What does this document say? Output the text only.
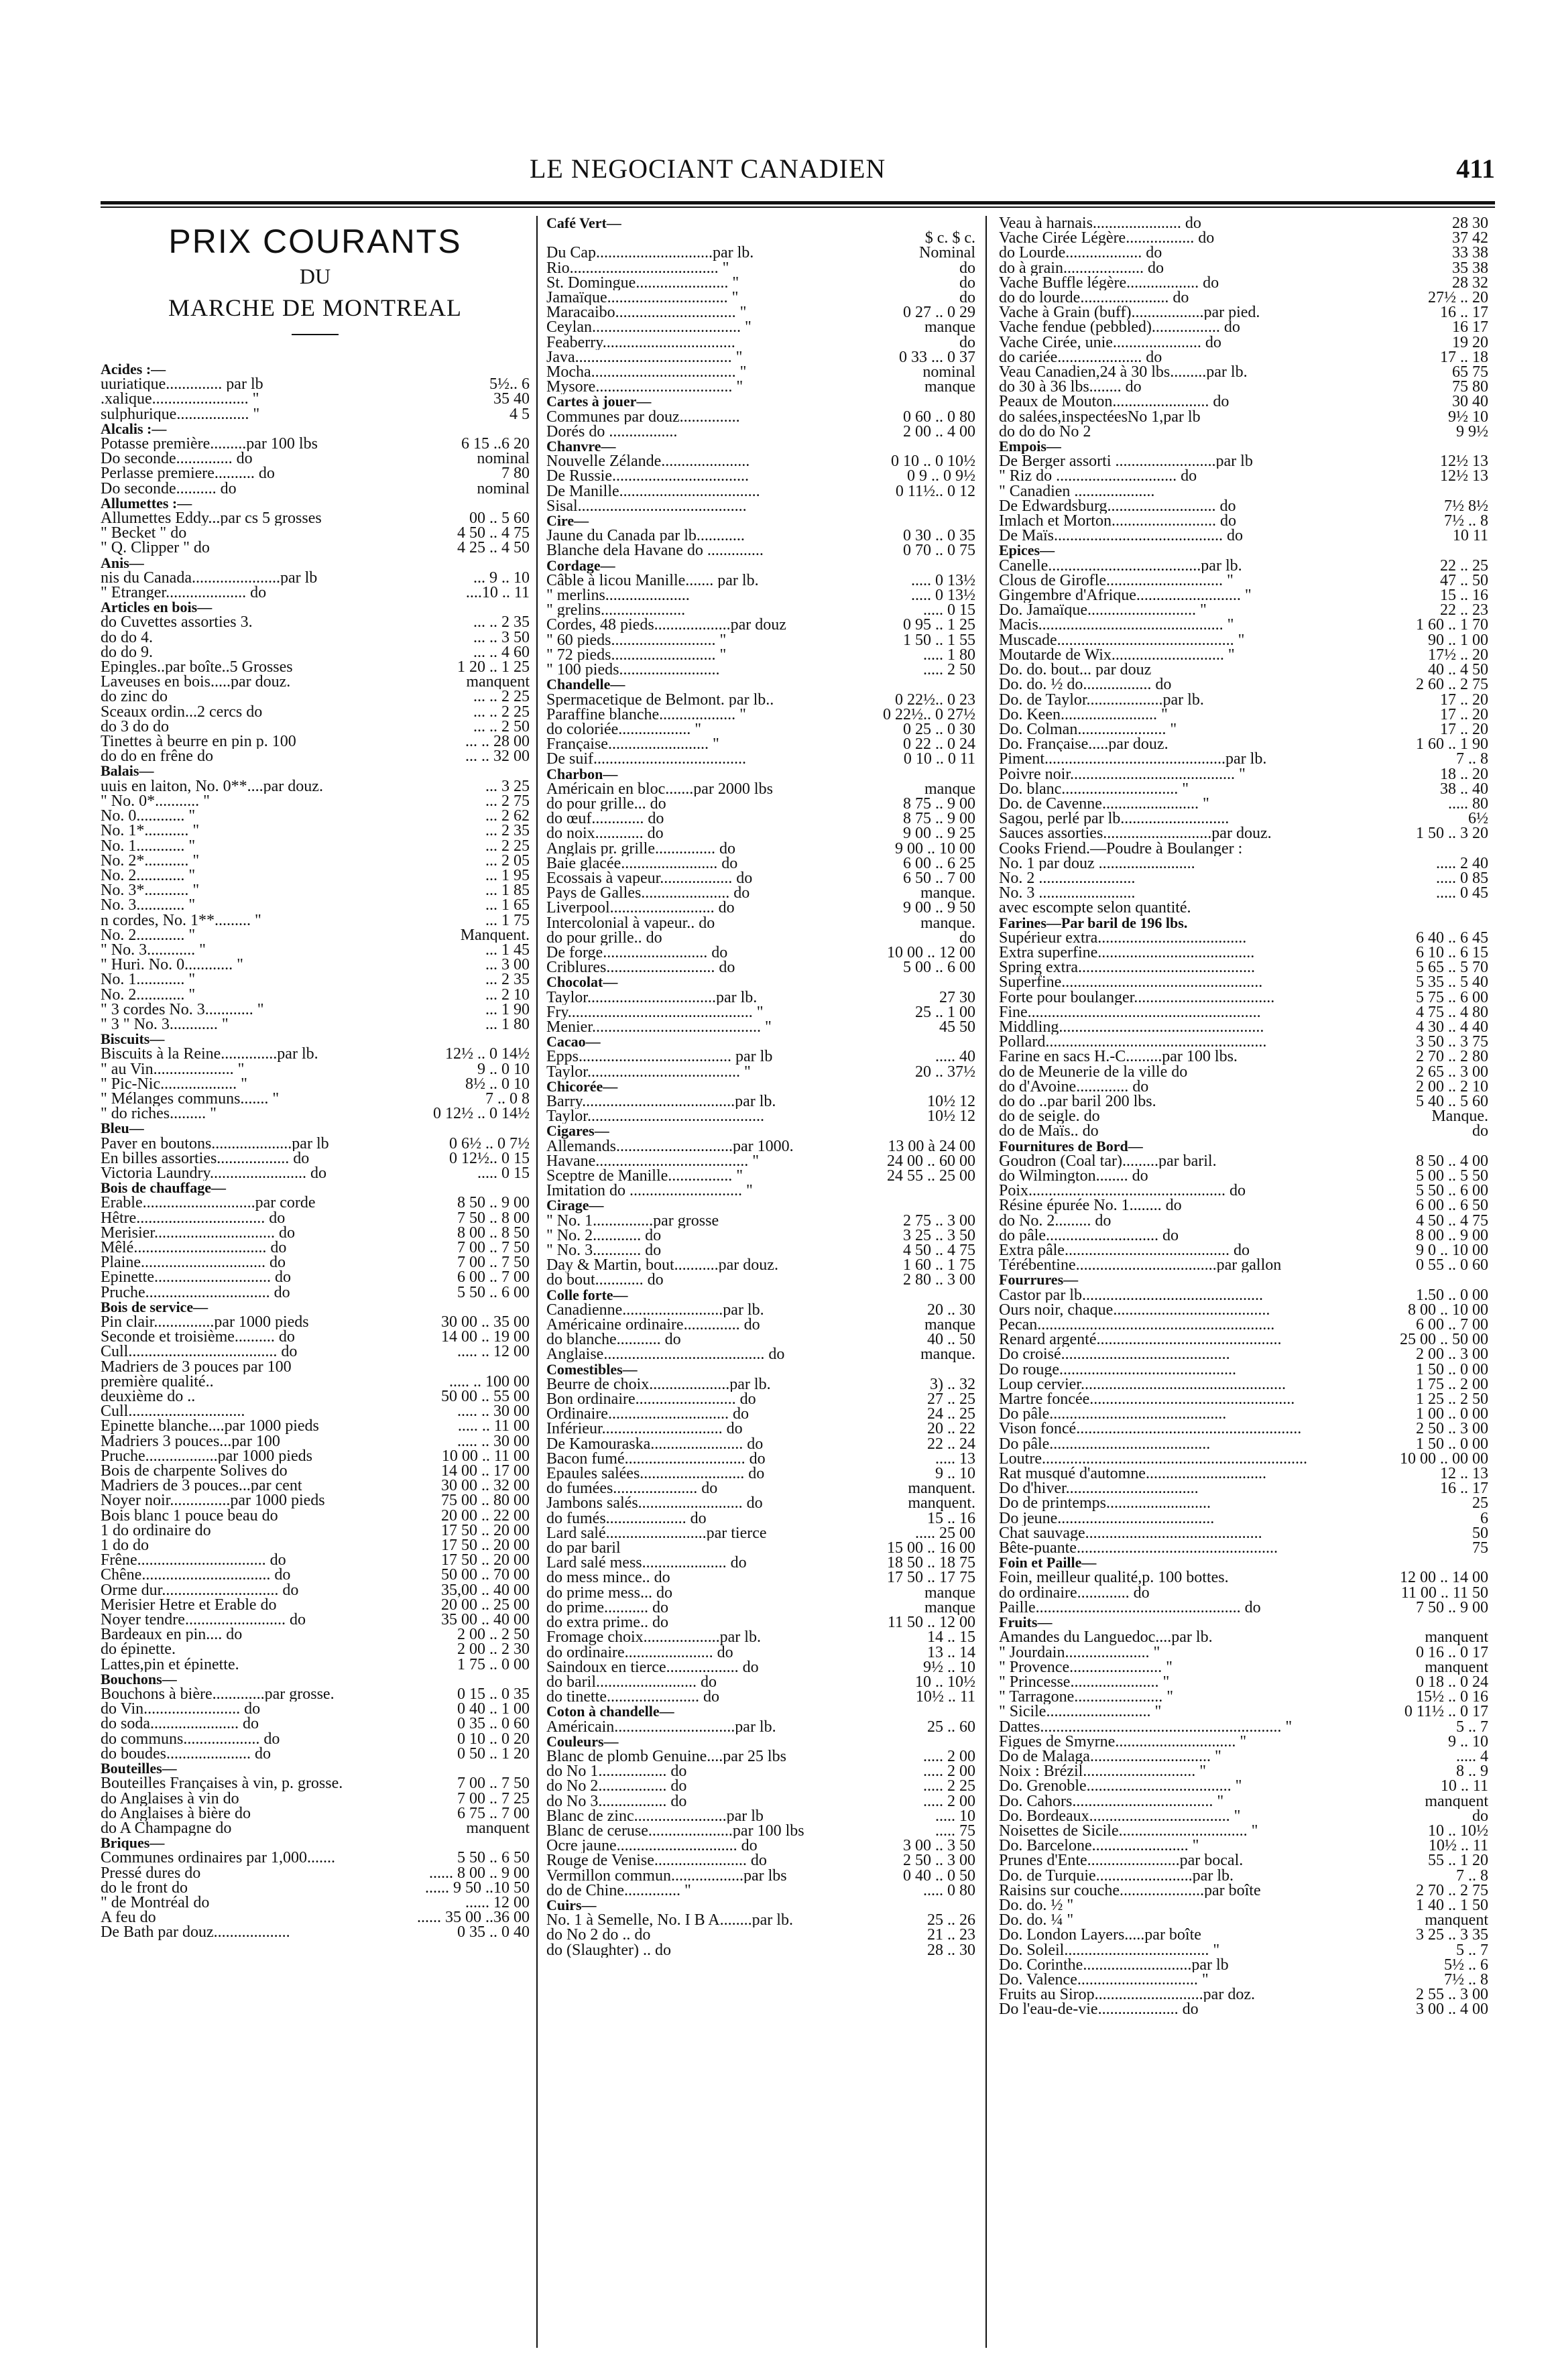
LE NEGOCIANT CANADIEN	411
PRIX COURANTS
DU
MARCHE DE MONTREAL
Acides :—
uuriatique.............. par lb	5½.. 6
.xalique........................ "	35 40
sulphurique.................. "	4 5
Alcalis :—
Potasse première.........par 100 lbs	6 15 ..6 20
Do seconde.............. do	nominal
Perlasse premiere.......... do	7 80
Do seconde.......... do	nominal
Allumettes :—
Allumettes Eddy...par cs 5 grosses	00 .. 5 60
" Becket " do	4 50 .. 4 75
" Q. Clipper " do	4 25 .. 4 50
Anis—
nis du Canada......................par lb	... 9 .. 10
" Etranger.................... do	....10 .. 11
Articles en bois—
do Cuvettes assorties 3.	... .. 2 35
do do 4.	... .. 3 50
do do 9.	... .. 4 60
Epingles..par boîte..5 Grosses	1 20 .. 1 25
Laveuses en bois.....par douz.	manquent
do zinc do	... .. 2 25
Sceaux ordin...2 cercs do	... .. 2 25
do 3 do do	... .. 2 50
Tinettes à beurre en pin p. 100	... .. 28 00
do do en frêne do	... .. 32 00
Balais—
uuis en laiton, No. 0**....par douz.	... 3 25
" No. 0*........... "	... 2 75
No. 0............ "	... 2 62
No. 1*........... "	... 2 35
No. 1............ "	... 2 25
No. 2*........... "	... 2 05
No. 2............ "	... 1 95
No. 3*........... "	... 1 85
No. 3............ "	... 1 65
n cordes, No. 1**......... "	... 1 75
No. 2............ "	Manquent.
" No. 3............ "	... 1 45
" Huri. No. 0............ "	... 3 00
No. 1............ "	... 2 35
No. 2............ "	... 2 10
" 3 cordes No. 3............ "	... 1 90
" 3 " No. 3............ "	... 1 80
Biscuits—
Biscuits à la Reine..............par lb.	12½ .. 0 14½
" au Vin.................... "	9 .. 0 10
" Pic-Nic................... "	8½ .. 0 10
" Mélanges communs....... "	7 .. 0 8
" do riches......... "	0 12½ .. 0 14½
Bleu—
Paver en boutons....................par lb	0 6½ .. 0 7½
En billes assorties.................. do	0 12½.. 0 15
Victoria Laundry........................ do	..... 0 15
Bois de chauffage—
Erable............................par corde	8 50 .. 9 00
Hêtre................................ do	7 50 .. 8 00
Merisier.............................. do	8 00 .. 8 50
Mêlé................................. do	7 00 .. 7 50
Plaine............................... do	7 00 .. 7 50
Epinette............................. do	6 00 .. 7 00
Pruche............................... do	5 50 .. 6 00
Bois de service—
Pin clair...............par 1000 pieds	30 00 .. 35 00
Seconde et troisième.......... do	14 00 .. 19 00
Cull..................................... do	..... .. 12 00
Madriers de 3 pouces par 100
première qualité..	..... .. 100 00
deuxième do ..	50 00 .. 55 00
Cull.............................	..... .. 30 00
Epinette blanche....par 1000 pieds	..... .. 11 00
Madriers 3 pouces...par 100	..... .. 30 00
Pruche..................par 1000 pieds	10 00 .. 11 00
Bois de charpente Solives do	14 00 .. 17 00
Madriers de 3 pouces...par cent	30 00 .. 32 00
Noyer noir...............par 1000 pieds	75 00 .. 80 00
Bois blanc 1 pouce beau do	20 00 .. 22 00
1 do ordinaire do	17 50 .. 20 00
1 do do	17 50 .. 20 00
Frêne................................ do	17 50 .. 20 00
Chêne................................ do	50 00 .. 70 00
Orme dur............................. do	35,00 .. 40 00
Merisier Hetre et Erable do	20 00 .. 25 00
Noyer tendre......................... do	35 00 .. 40 00
Bardeaux en pin.... do	2 00 .. 2 50
do épinette.	2 00 .. 2 30
Lattes,pin et épinette.	1 75 .. 0 00
Bouchons—
Bouchons à bière.............par grosse.	0 15 .. 0 35
do Vin........................ do	0 40 .. 1 00
do soda...................... do	0 35 .. 0 60
do communs................... do	0 10 .. 0 20
do boudes..................... do	0 50 .. 1 20
Bouteilles—
Bouteilles Françaises à vin, p. grosse.	7 00 .. 7 50
do Anglaises à vin do	7 00 .. 7 25
do Anglaises à bière do	6 75 .. 7 00
do A Champagne do	manquent
Briques—
Communes ordinaires par 1,000.......	5 50 .. 6 50
Pressé dures do	...... 8 00 .. 9 00
do le front do	...... 9 50 ..10 50
" de Montréal do	...... 12 00
A feu do	...... 35 00 ..36 00
De Bath par douz...................	0 35 .. 0 40
Café Vert—
$ c. $ c.
Du Cap.............................par lb.	Nominal
Rio..................................... "	do
St. Domingue....................... "	do
Jamaïque.............................. "	do
Maracaibo.............................. "	0 27 .. 0 29
Ceylan..................................... "	manque
Feaberry.................................	do
Java....................................... "	0 33 ... 0 37
Mocha.................................... "	nominal
Mysore.................................. "	manque
Cartes à jouer—
Communes par douz...............	0 60 .. 0 80
Dorés do .................	2 00 .. 4 00
Chanvre—
Nouvelle Zélande......................	0 10 .. 0 10½
De Russie..................................	0 9 .. 0 9½
De Manille...................................	0 11½.. 0 12
Sisal..........................................
Cire—
Jaune du Canada par lb............	0 30 .. 0 35
Blanche dela Havane do ..............	0 70 .. 0 75
Cordage—
Câble à licou Manille....... par lb.	..... 0 13½
" merlins.....................	..... 0 13½
" grelins.....................	..... 0 15
Cordes, 48 pieds...................par douz	0 95 .. 1 25
" 60 pieds.......................... "	1 50 .. 1 55
" 72 pieds.......................... "	..... 1 80
" 100 pieds.........................	..... 2 50
Chandelle—
Spermacetique de Belmont. par lb..	0 22½.. 0 23
Paraffine blanche................... "	0 22½.. 0 27½
do coloriée.................. "	0 25 .. 0 30
Française......................... "	0 22 .. 0 24
De suif......................................	0 10 .. 0 11
Charbon—
Américain en bloc.......par 2000 lbs	manque
do pour grille... do	8 75 .. 9 00
do œuf............. do	8 75 .. 9 00
do noix............ do	9 00 .. 9 25
Anglais pr. grille............... do	9 00 .. 10 00
Baie glacée........................ do	6 00 .. 6 25
Ecossais à vapeur.................. do	6 50 .. 7 00
Pays de Galles...................... do	manque.
Liverpool.......................... do	9 00 .. 9 50
Intercolonial à vapeur.. do	manque.
do pour grille.. do	do
De forge.......................... do	10 00 .. 12 00
Criblures........................... do	5 00 .. 6 00
Chocolat—
Taylor................................par lb.	27 30
Fry.............................................. "	25 .. 1 00
Menier.......................................... "	45 50
Cacao—
Epps...................................... par lb	..... 40
Taylor...................................... "	20 .. 37½
Chicorée—
Barry......................................par lb.	10½ 12
Taylor............................................	10½ 12
Cigares—
Allemands.............................par 1000.	13 00 à 24 00
Havane...................................... "	24 00 .. 60 00
Sceptre de Manille................ "	24 55 .. 25 00
Imitation do ............................ "
Cirage—
" No. 1...............par grosse	2 75 .. 3 00
" No. 2............ do	3 25 .. 3 50
" No. 3............ do	4 50 .. 4 75
Day & Martin, bout...........par douz.	1 60 .. 1 75
do bout............ do	2 80 .. 3 00
Colle forte—
Canadienne.........................par lb.	20 .. 30
Américaine ordinaire.............. do	manque
do blanche........... do	40 .. 50
Anglaise........................................ do	manque.
Comestibles—
Beurre de choix....................par lb.	3) .. 32
Bon ordinaire......................... do	27 .. 25
Ordinaire.............................. do	24 .. 25
Inférieur.............................. do	20 .. 22
De Kamouraska....................... do	22 .. 24
Bacon fumé.............................. do	..... 13
Epaules salées.......................... do	9 .. 10
do fumées..................... do	manquent.
Jambons salés.......................... do	manquent.
do fumés.................... do	15 .. 16
Lard salé.........................par tierce	..... 25 00
do par baril	15 00 .. 16 00
Lard salé mess..................... do	18 50 .. 18 75
do mess mince.. do	17 50 .. 17 75
do prime mess... do	manque
do prime........... do	manque
do extra prime.. do	11 50 .. 12 00
Fromage choix...................par lb.	14 .. 15
do ordinaire...................... do	13 .. 14
Saindoux en tierce.................. do	9½ .. 10
do baril......................... do	10 .. 10½
do tinette....................... do	10½ .. 11
Coton à chandelle—
Américain..............................par lb.	25 .. 60
Couleurs—
Blanc de plomb Genuine....par 25 lbs	..... 2 00
do No 1................. do	..... 2 00
do No 2................. do	..... 2 25
do No 3................. do	..... 2 00
Blanc de zinc.......................par lb	..... 10
Blanc de ceruse.....................par 100 lbs	..... 75
Ocre jaune.............................. do	3 00 .. 3 50
Rouge de Venise....................... do	2 50 .. 3 00
Vermillon commun..................par lbs	0 40 .. 0 50
do de Chine.............. "	..... 0 80
Cuirs—
No. 1 à Semelle, No. I B A........par lb.	25 .. 26
do No 2 do .. do	21 .. 23
do (Slaughter) .. do	28 .. 30
Veau à harnais...................... do	28 30
Vache Cirée Légère................. do	37 42
do Lourde................... do	33 38
do à grain.................... do	35 38
Vache Buffle légère.................. do	28 32
do do lourde...................... do	27½ .. 20
Vache à Grain (buff)..................par pied.	16 .. 17
Vache fendue (pebbled)................. do	16 17
Vache Cirée, unie...................... do	19 20
do cariée..................... do	17 .. 18
Veau Canadien,24 à 30 lbs.........par lb.	65 75
do 30 à 36 lbs........ do	75 80
Peaux de Mouton........................ do	30 40
do salées,inspectéesNo 1,par lb	9½ 10
do do do No 2	9 9½
Empois—
De Berger assorti .........................par lb	12½ 13
" Riz do .............................. do	12½ 13
" Canadien ....................
De Edwardsburg........................... do	7½ 8½
Imlach et Morton.......................... do	7½ .. 8
De Maïs.......................................... do	10 11
Epices—
Canelle......................................par lb.	22 .. 25
Clous de Girofle............................. "	47 .. 50
Gingembre d'Afrique.......................... "	15 .. 16
Do. Jamaïque........................... "	22 .. 23
Macis.............................................. "	1 60 .. 1 70
Muscade............................................ "	90 .. 1 00
Moutarde de Wix............................ "	17½ .. 20
Do. do. bout... par douz	40 .. 4 50
Do. do. ½ do................. do	2 60 .. 2 75
Do. de Taylor...................par lb.	17 .. 20
Do. Keen........................ "	17 .. 20
Do. Colman...................... "	17 .. 20
Do. Française.....par douz.	1 60 .. 1 90
Piment.............................................par lb.	7 .. 8
Poivre noir......................................... "	18 .. 20
Do. blanc............................. "	38 .. 40
Do. de Cavenne........................ "	..... 80
Sagou, perlé par lb...........................	6½
Sauces assorties...........................par douz.	1 50 .. 3 20
Cooks Friend.—Poudre à Boulanger :
No. 1 par douz ........................	..... 2 40
No. 2 ........................	..... 0 85
No. 3 ........................	..... 0 45
avec escompte selon quantité.
Farines—Par baril de 196 lbs.
Supérieur extra.....................................	6 40 .. 6 45
Extra superfine.......................................	6 10 .. 6 15
Spring extra............................................	5 65 .. 5 70
Superfine..................................................	5 35 .. 5 40
Forte pour boulanger...................................	5 75 .. 6 00
Fine..........................................................	4 75 .. 4 80
Middling...................................................	4 30 .. 4 40
Pollard.......................................................	3 50 .. 3 75
Farine en sacs H.-C.........par 100 lbs.	2 70 .. 2 80
do de Meunerie de la ville do	2 65 .. 3 00
do d'Avoine............. do	2 00 .. 2 10
do do ..par baril 200 lbs.	5 40 .. 5 60
do de seigle. do	Manque.
do de Maïs.. do	do
Fournitures de Bord—
Goudron (Coal tar).........par baril.	8 50 .. 4 00
do Wilmington........ do	5 00 .. 5 50
Poix................................................. do	5 50 .. 6 00
Résine épurée No. 1........ do	6 00 .. 6 50
do No. 2......... do	4 50 .. 4 75
do pâle............................ do	8 00 .. 9 00
Extra pâle......................................... do	9 0 .. 10 00
Térébentine...................................par gallon	0 55 .. 0 60
Fourrures—
Castor par lb.............................................	1.50 .. 0 00
Ours noir, chaque.......................................	8 00 .. 10 00
Pecan...........................................................	6 00 .. 7 00
Renard argenté..............................................	25 00 .. 50 00
Do croisé..........................................	2 00 .. 3 00
Do rouge............................................	1 50 .. 0 00
Loup cervier...................................................	1 75 .. 2 00
Martre foncée...................................................	1 25 .. 2 50
Do pâle............................................	1 00 .. 0 00
Vison foncé........................................................	2 50 .. 3 00
Do pâle........................................	1 50 .. 0 00
Loutre..................................................................	10 00 .. 00 00
Rat musqué d'automne..............................	12 .. 13
Do d'hiver.................................	16 .. 17
Do de printemps..........................	25
Do jeune.......................................	6
Chat sauvage............................................	50
Bête-puante..................................................	75
Foin et Paille—
Foin, meilleur qualité,p. 100 bottes.	12 00 .. 14 00
do ordinaire............. do	11 00 .. 11 50
Paille................................................... do	7 50 .. 9 00
Fruits—
Amandes du Languedoc....par lb.	manquent
" Jourdain..................... "	0 16 .. 0 17
" Provence....................... "	manquent
" Princesse...................... "	0 18 .. 0 24
" Tarragone...................... "	15½ .. 0 16
" Sicile.......................... "	0 11½ .. 0 17
Dattes............................................................ "	5 .. 7
Figues de Smyrne.............................. "	9 .. 10
Do de Malaga.............................. "	..... 4
Noix : Brézil............................ "	8 .. 9
Do. Grenoble.................................... "	10 .. 11
Do. Cahors................................... "	manquent
Do. Bordeaux................................... "	do
Noisettes de Sicile................................ "	10 .. 10½
Do. Barcelone........................ "	10½ .. 11
Prunes d'Ente.......................par bocal.	55 .. 1 20
Do. de Turquie........................par lb.	7 .. 8
Raisins sur couche.....................par boîte	2 70 .. 2 75
Do. do. ½ "	1 40 .. 1 50
Do. do. ¼ "	manquent
Do. London Layers.....par boîte	3 25 .. 3 35
Do. Soleil.................................... "	5 .. 7
Do. Corinthe...........................par lb	5½ .. 6
Do. Valence.............................. "	7½ .. 8
Fruits au Sirop...........................par doz.	2 55 .. 3 00
Do l'eau-de-vie.................... do	3 00 .. 4 00
